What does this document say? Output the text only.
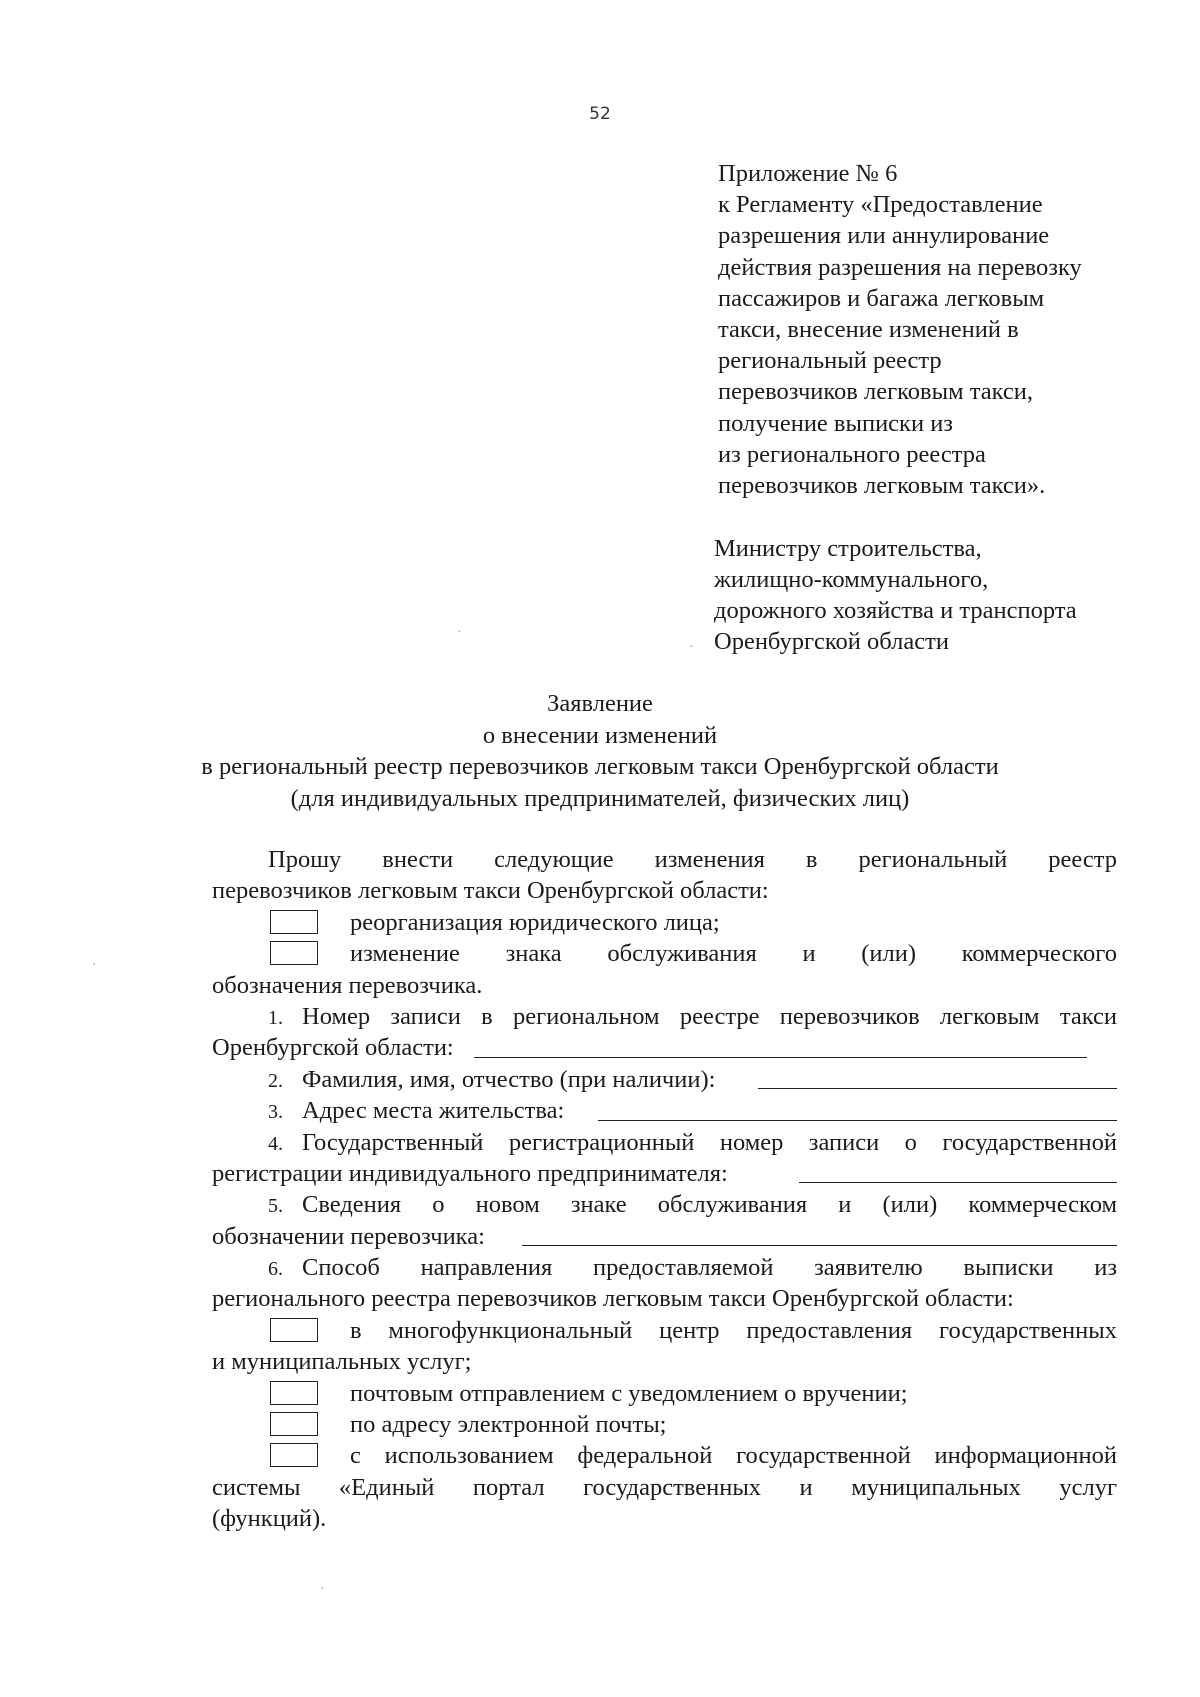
52
Приложение № 6
к Регламенту «Предоставление
разрешения или аннулирование
действия разрешения на перевозку
пассажиров и багажа легковым
такси, внесение изменений в
региональный реестр
перевозчиков легковым такси,
получение выписки из
из регионального реестра
перевозчиков легковым такси».
Министру строительства,
жилищно-коммунального,
дорожного хозяйства и транспорта
Оренбургской области
Заявление
о внесении изменений
в региональный реестр перевозчиков легковым такси Оренбургской области
(для индивидуальных предпринимателей, физических лиц)
Прошу внести следующие изменения в региональный реестр
перевозчиков легковым такси Оренбургской области:
реорганизация юридического лица;
изменение знака обслуживания и (или) коммерческого
обозначения перевозчика.
1. Номер записи в региональном реестре перевозчиков легковым такси
Оренбургской области:
2. Фамилия, имя, отчество (при наличии):
3. Адрес места жительства:
4. Государственный регистрационный номер записи о государственной
регистрации индивидуального предпринимателя:
5. Сведения о новом знаке обслуживания и (или) коммерческом
обозначении перевозчика:
6. Способ направления предоставляемой заявителю выписки из
регионального реестра перевозчиков легковым такси Оренбургской области:
в многофункциональный центр предоставления государственных
и муниципальных услуг;
почтовым отправлением с уведомлением о вручении;
по адресу электронной почты;
с использованием федеральной государственной информационной
системы «Единый портал государственных и муниципальных услуг
(функций).
·
·
·
·
